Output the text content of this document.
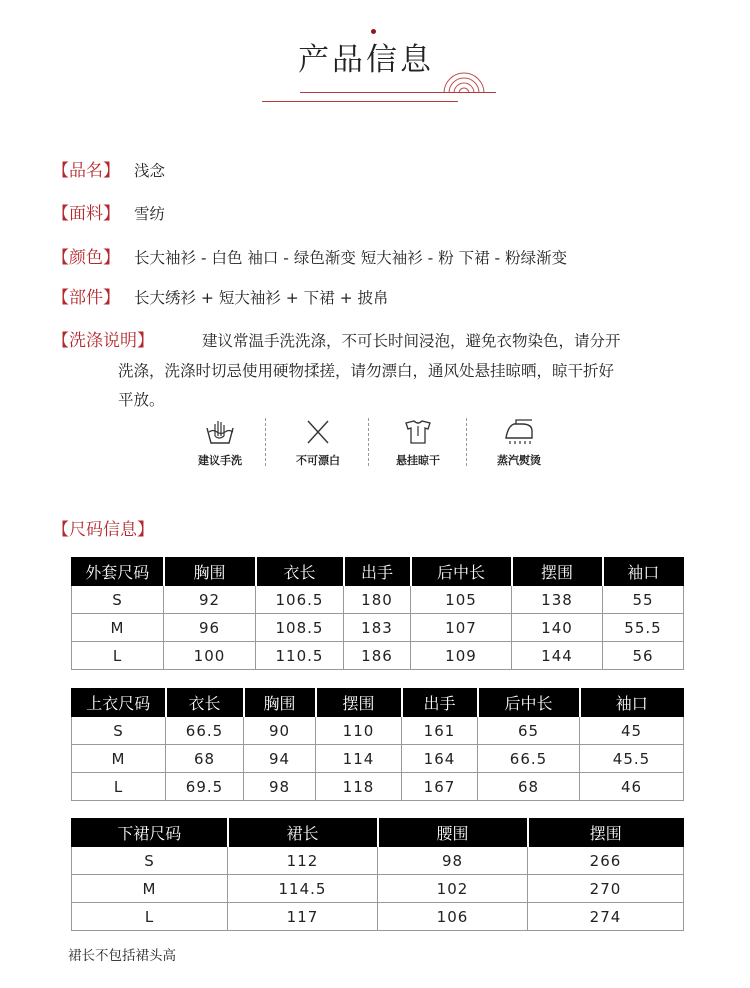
产品信息
【品名】 浅念
【面料】 雪纺
【颜色】 长大袖衫 - 白色 袖口 - 绿色渐变 短大袖衫 - 粉 下裙 - 粉绿渐变
【部件】 长大绣衫 + 短大袖衫 + 下裙 + 披帛
【洗涤说明】	建议常温手洗洗涤，不可长时间浸泡，避免衣物染色，请分开
洗涤，洗涤时切忌使用硬物揉搓，请勿漂白，通风处悬挂晾晒，晾干折好
平放。
建议手洗	不可漂白	悬挂晾干	蒸汽熨烫
【尺码信息】
外套尺码	胸围	衣长	出手	后中长	摆围	袖口
S	92	106.5	180	105	138	55
M	96	108.5	183	107	140	55.5
L	100	110.5	186	109	144	56
上衣尺码	衣长	胸围	摆围	出手	后中长	袖口
S	66.5	90	110	161	65	45
M	68	94	114	164	66.5	45.5
L	69.5	98	118	167	68	46
下裙尺码	裙长	腰围	摆围
S	112	98	266
M	114.5	102	270
L	117	106	274
裙长不包括裙头高
